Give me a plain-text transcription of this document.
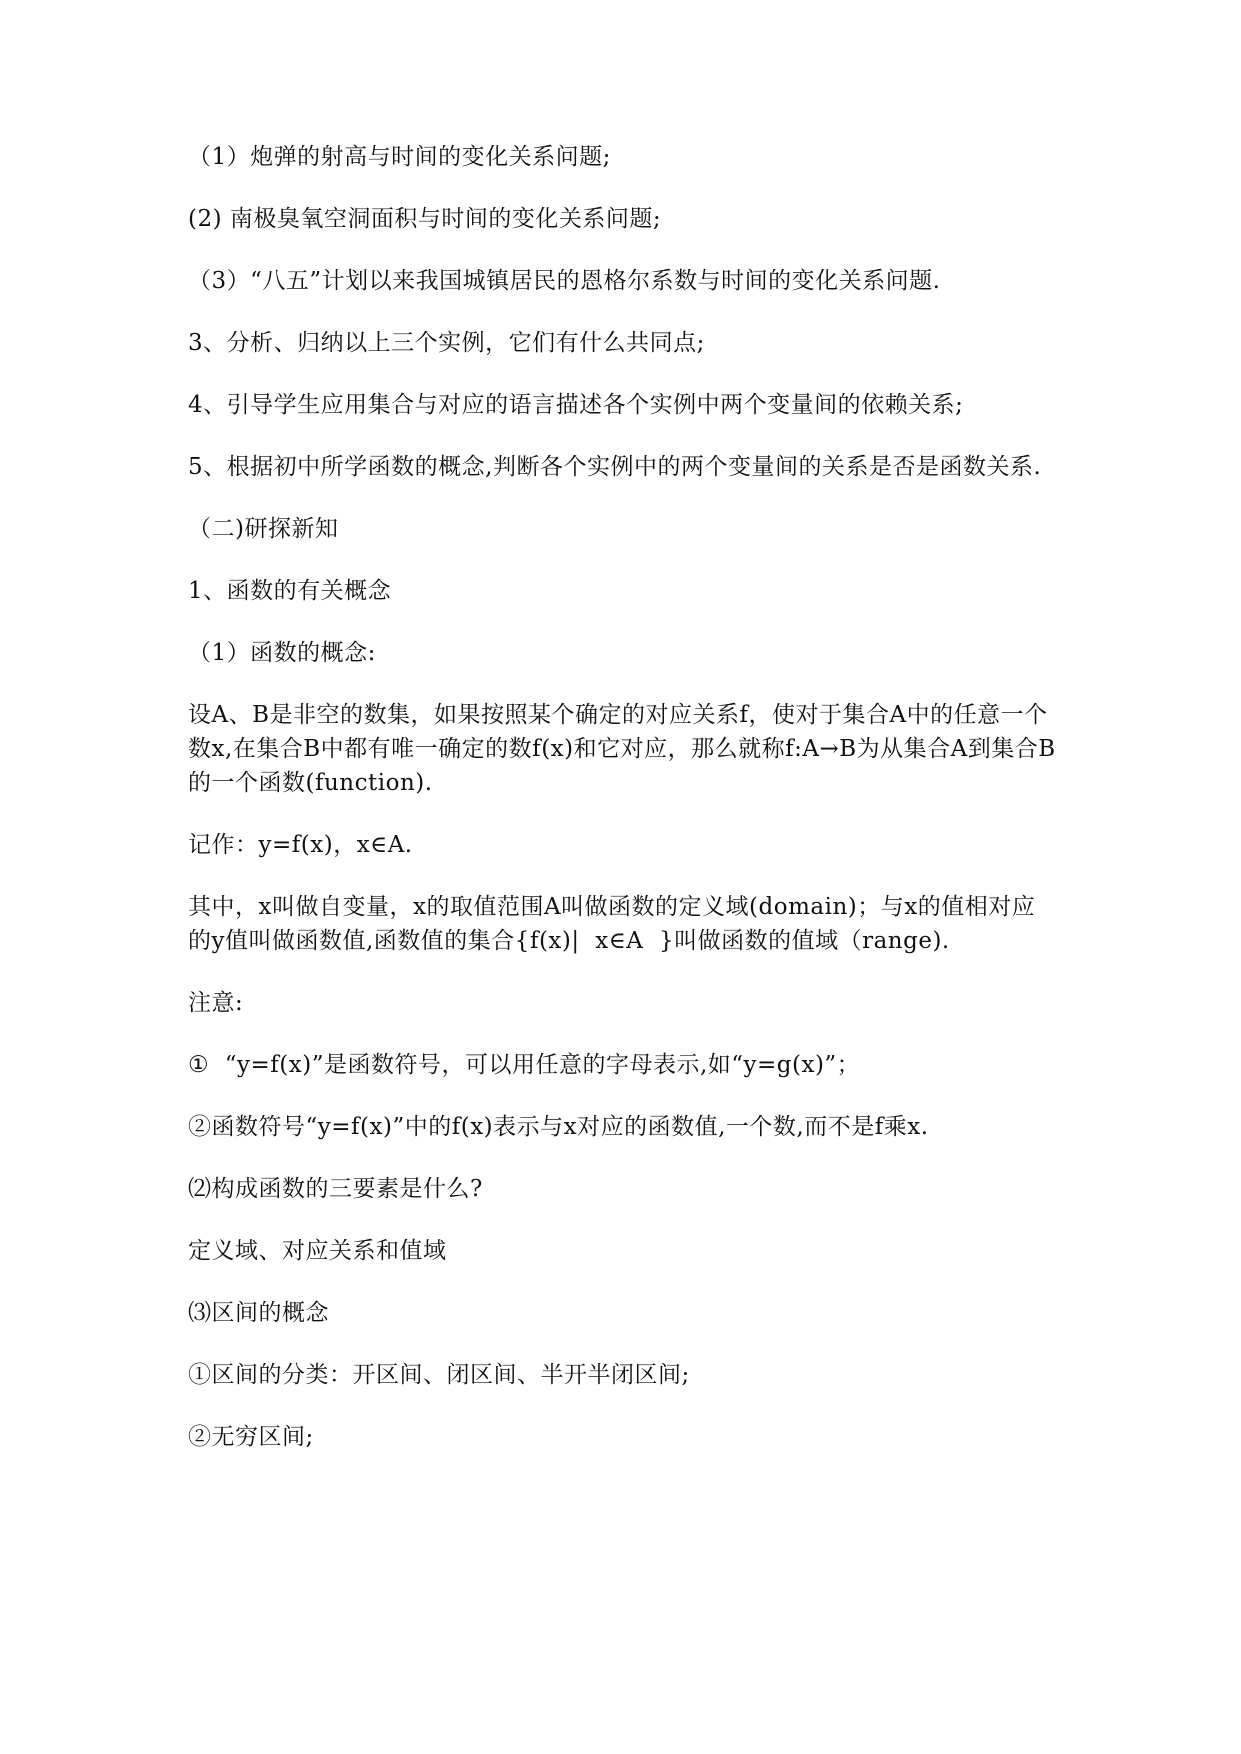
（1）炮弹的射高与时间的变化关系问题;

(2) 南极臭氧空洞面积与时间的变化关系问题;

（3）“八五”计划以来我国城镇居民的恩格尔系数与时间的变化关系问题.

3、分析、归纳以上三个实例，它们有什么共同点;

4、引导学生应用集合与对应的语言描述各个实例中两个变量间的依赖关系;

5、根据初中所学函数的概念,判断各个实例中的两个变量间的关系是否是函数关系.

（二)研探新知

1、函数的有关概念

（1）函数的概念:

设A、B是非空的数集，如果按照某个确定的对应关系f，使对于集合A中的任意一个数x,在集合B中都有唯一确定的数f(x)和它对应，那么就称f:A→B为从集合A到集合B的一个函数(function).

记作：y=f(x)，x∈A.

其中，x叫做自变量，x的取值范围A叫做函数的定义域(domain)；与x的值相对应的y值叫做函数值,函数值的集合{f(x)|  x∈A  }叫做函数的值域（range).

注意:

①  “y=f(x)”是函数符号，可以用任意的字母表示,如“y=g(x)”；

②函数符号“y=f(x)”中的f(x)表示与x对应的函数值,一个数,而不是f乘x.

⑵构成函数的三要素是什么?

定义域、对应关系和值域

⑶区间的概念

①区间的分类：开区间、闭区间、半开半闭区间;

②无穷区间;
